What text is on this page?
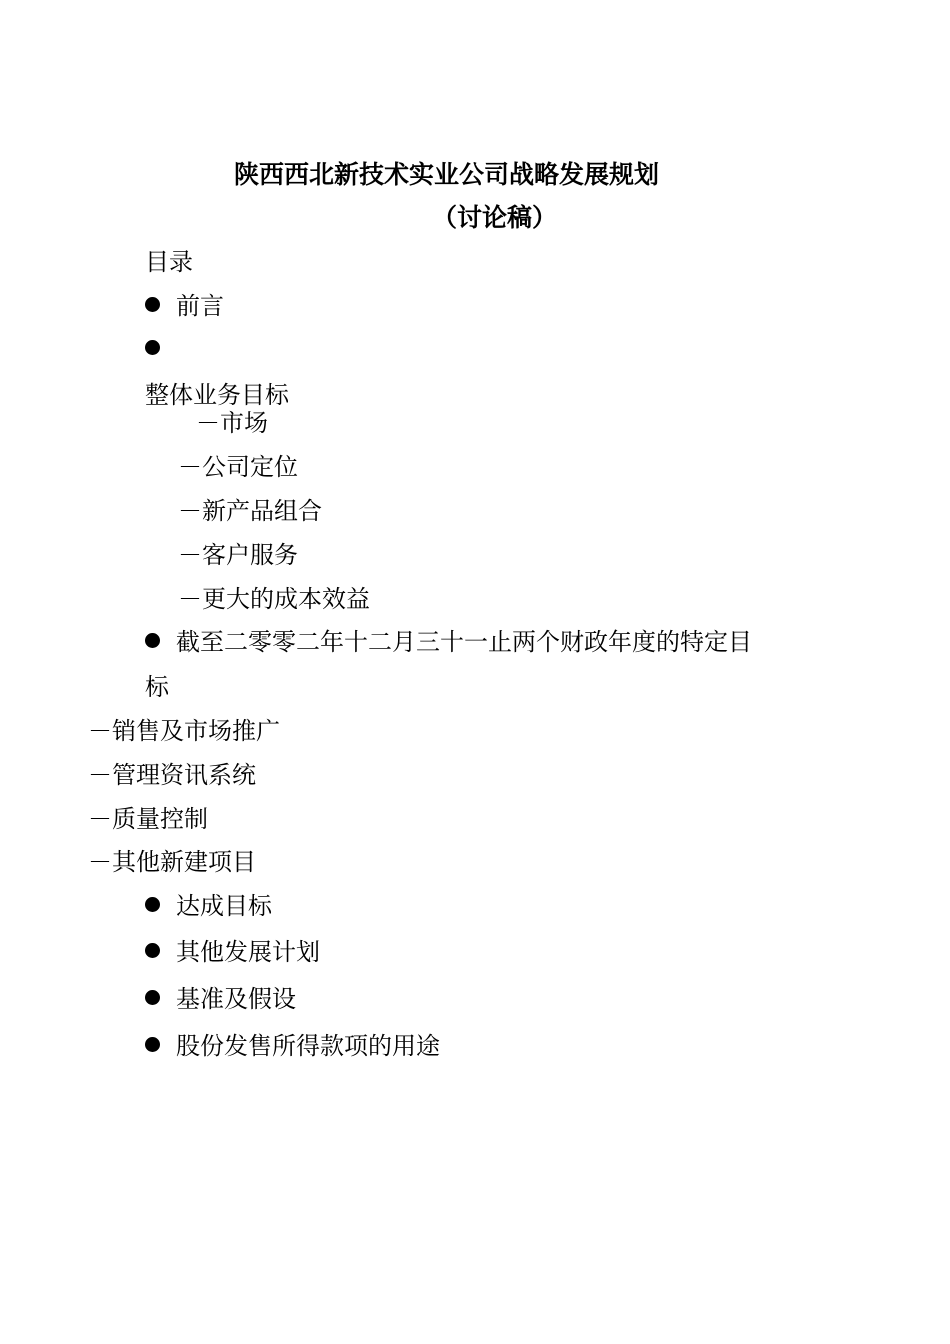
陕西西北新技术实业公司战略发展规划

（讨论稿）

目录

前言

整体业务目标

－市场

－公司定位

－新产品组合

－客户服务

－更大的成本效益

截至二零零二年十二月三十一止两个财政年度的特定目

标

－销售及市场推广

－管理资讯系统

－质量控制

－其他新建项目

达成目标

其他发展计划

基准及假设

股份发售所得款项的用途
